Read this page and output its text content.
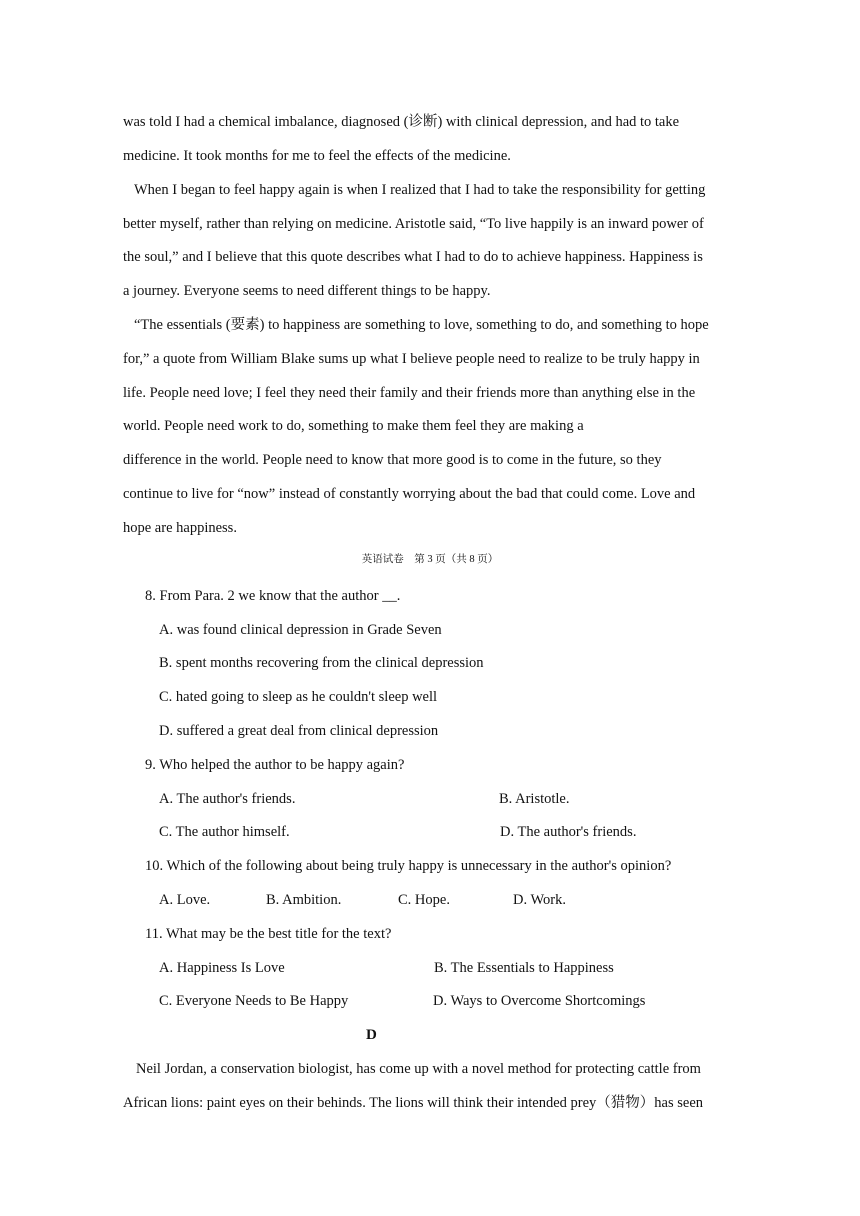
was told I had a chemical imbalance, diagnosed (诊断) with clinical depression, and had to take
medicine. It took months for me to feel the effects of the medicine.
When I began to feel happy again is when I realized that I had to take the responsibility for getting
better myself, rather than relying on medicine. Aristotle said, “To live happily is an inward power of
the soul,” and I believe that this quote describes what I had to do to achieve happiness. Happiness is
a journey. Everyone seems to need different things to be happy.
“The essentials (要素) to happiness are something to love, something to do, and something to hope
for,” a quote from William Blake sums up what I believe people need to realize to be truly happy in
life. People need love; I feel they need their family and their friends more than anything else in the
world. People need work to do, something to make them feel they are making a
difference in the world. People need to know that more good is to come in the future, so they
continue to live for “now” instead of constantly worrying about the bad that could come. Love and
hope are happiness.
英语试卷　第 3 页（共 8 页）
8. From Para. 2 we know that the author __.
A. was found clinical depression in Grade Seven
B. spent months recovering from the clinical depression
C. hated going to sleep as he couldn't sleep well
D. suffered a great deal from clinical depression
9. Who helped the author to be happy again?
A. The author's friends.	B. Aristotle.
C. The author himself.	D. The author's friends.
10. Which of the following about being truly happy is unnecessary in the author's opinion?
A. Love.	B. Ambition.	C. Hope.	D. Work.
11. What may be the best title for the text?
A. Happiness Is Love	B. The Essentials to Happiness
C. Everyone Needs to Be Happy	D. Ways to Overcome Shortcomings
D
Neil Jordan, a conservation biologist, has come up with a novel method for protecting cattle from
African lions: paint eyes on their behinds. The lions will think their intended prey（猎物）has seen
